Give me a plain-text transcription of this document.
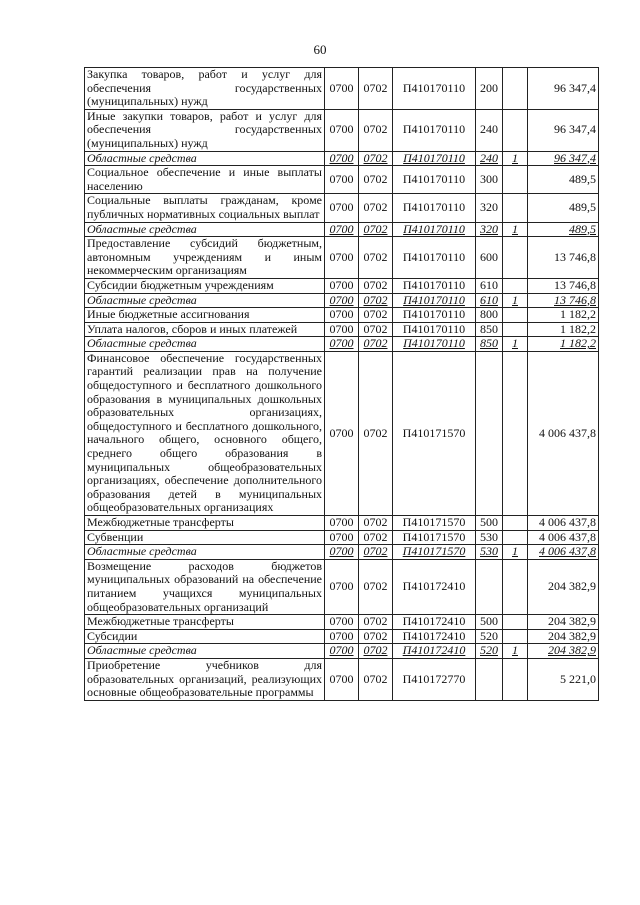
60
Закупка товаров, работ и услуг для обеспечения государственных (муниципальных) нужд	0700	0702	П410170110	200		96 347,4
Иные закупки товаров, работ и услуг для обеспечения государственных (муниципальных) нужд	0700	0702	П410170110	240		96 347,4
Областные средства	0700	0702	П410170110	240	1	96 347,4
Социальное обеспечение и иные выплаты населению	0700	0702	П410170110	300		489,5
Социальные выплаты гражданам, кроме публичных нормативных социальных выплат	0700	0702	П410170110	320		489,5
Областные средства	0700	0702	П410170110	320	1	489,5
Предоставление субсидий бюджетным, автономным учреждениям и иным некоммерческим организациям	0700	0702	П410170110	600		13 746,8
Субсидии бюджетным учреждениям	0700	0702	П410170110	610		13 746,8
Областные средства	0700	0702	П410170110	610	1	13 746,8
Иные бюджетные ассигнования	0700	0702	П410170110	800		1 182,2
Уплата налогов, сборов и иных платежей	0700	0702	П410170110	850		1 182,2
Областные средства	0700	0702	П410170110	850	1	1 182,2
Финансовое обеспечение государственных гарантий реализации прав на получение общедоступного и бесплатного дошкольного образования в муниципальных дошкольных образовательных организациях, общедоступного и бесплатного дошкольного, начального общего, основного общего, среднего общего образования в муниципальных общеобразовательных организациях, обеспечение дополнительного образования детей в муниципальных общеобразовательных организациях	0700	0702	П410171570			4 006 437,8
Межбюджетные трансферты	0700	0702	П410171570	500		4 006 437,8
Субвенции	0700	0702	П410171570	530		4 006 437,8
Областные средства	0700	0702	П410171570	530	1	4 006 437,8
Возмещение расходов бюджетов муниципальных образований на обеспечение питанием учащихся муниципальных общеобразовательных организаций	0700	0702	П410172410			204 382,9
Межбюджетные трансферты	0700	0702	П410172410	500		204 382,9
Субсидии	0700	0702	П410172410	520		204 382,9
Областные средства	0700	0702	П410172410	520	1	204 382,9
Приобретение учебников для образовательных организаций, реализующих основные общеобразовательные программы	0700	0702	П410172770			5 221,0
